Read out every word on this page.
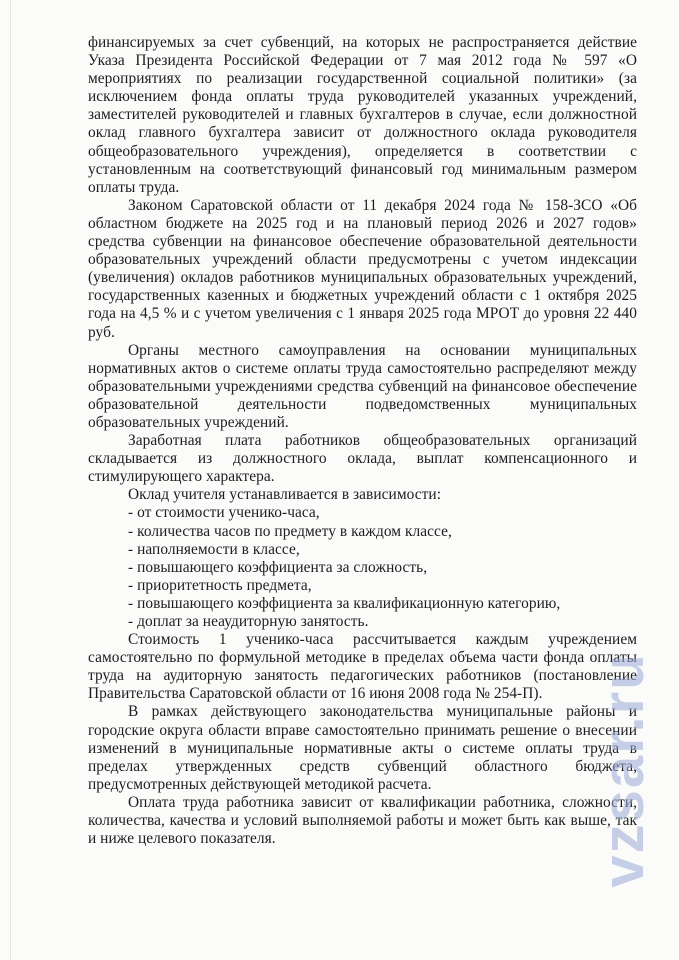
финансируемых за счет субвенций, на которых не распространяется действие Указа Президента Российской Федерации от 7 мая 2012 года № 597 «О мероприятиях по реализации государственной социальной политики» (за исключением фонда оплаты труда руководителей указанных учреждений, заместителей руководителей и главных бухгалтеров в случае, если должностной оклад главного бухгалтера зависит от должностного оклада руководителя общеобразовательного учреждения), определяется в соответствии с установленным на соответствующий финансовый год минимальным размером оплаты труда.

Законом Саратовской области от 11 декабря 2024 года № 158-ЗСО «Об областном бюджете на 2025 год и на плановый период 2026 и 2027 годов» средства субвенции на финансовое обеспечение образовательной деятельности образовательных учреждений области предусмотрены с учетом индексации (увеличения) окладов работников муниципальных образовательных учреждений, государственных казенных и бюджетных учреждений области с 1 октября 2025 года на 4,5 % и с учетом увеличения с 1 января 2025 года МРОТ до уровня 22 440 руб.

Органы местного самоуправления на основании муниципальных нормативных актов о системе оплаты труда самостоятельно распределяют между образовательными учреждениями средства субвенций на финансовое обеспечение образовательной деятельности подведомственных муниципальных образовательных учреждений.

Заработная плата работников общеобразовательных организаций складывается из должностного оклада, выплат компенсационного и стимулирующего характера.

Оклад учителя устанавливается в зависимости:

- от стоимости ученико-часа,
- количества часов по предмету в каждом классе,
- наполняемости в классе,
- повышающего коэффициента за сложность,
- приоритетность предмета,
- повышающего коэффициента за квалификационную категорию,
- доплат за неаудиторную занятость.

Стоимость 1 ученико-часа рассчитывается каждым учреждением самостоятельно по формульной методике в пределах объема части фонда оплаты труда на аудиторную занятость педагогических работников (постановление Правительства Саратовской области от 16 июня 2008 года № 254-П).

В рамках действующего законодательства муниципальные районы и городские округа области вправе самостоятельно принимать решение о внесении изменений в муниципальные нормативные акты о системе оплаты труда в пределах утвержденных средств субвенций областного бюджета, предусмотренных действующей методикой расчета.

Оплата труда работника зависит от квалификации работника, сложности, количества, качества и условий выполняемой работы и может быть как выше, так и ниже целевого показателя.	vzsar.ru
